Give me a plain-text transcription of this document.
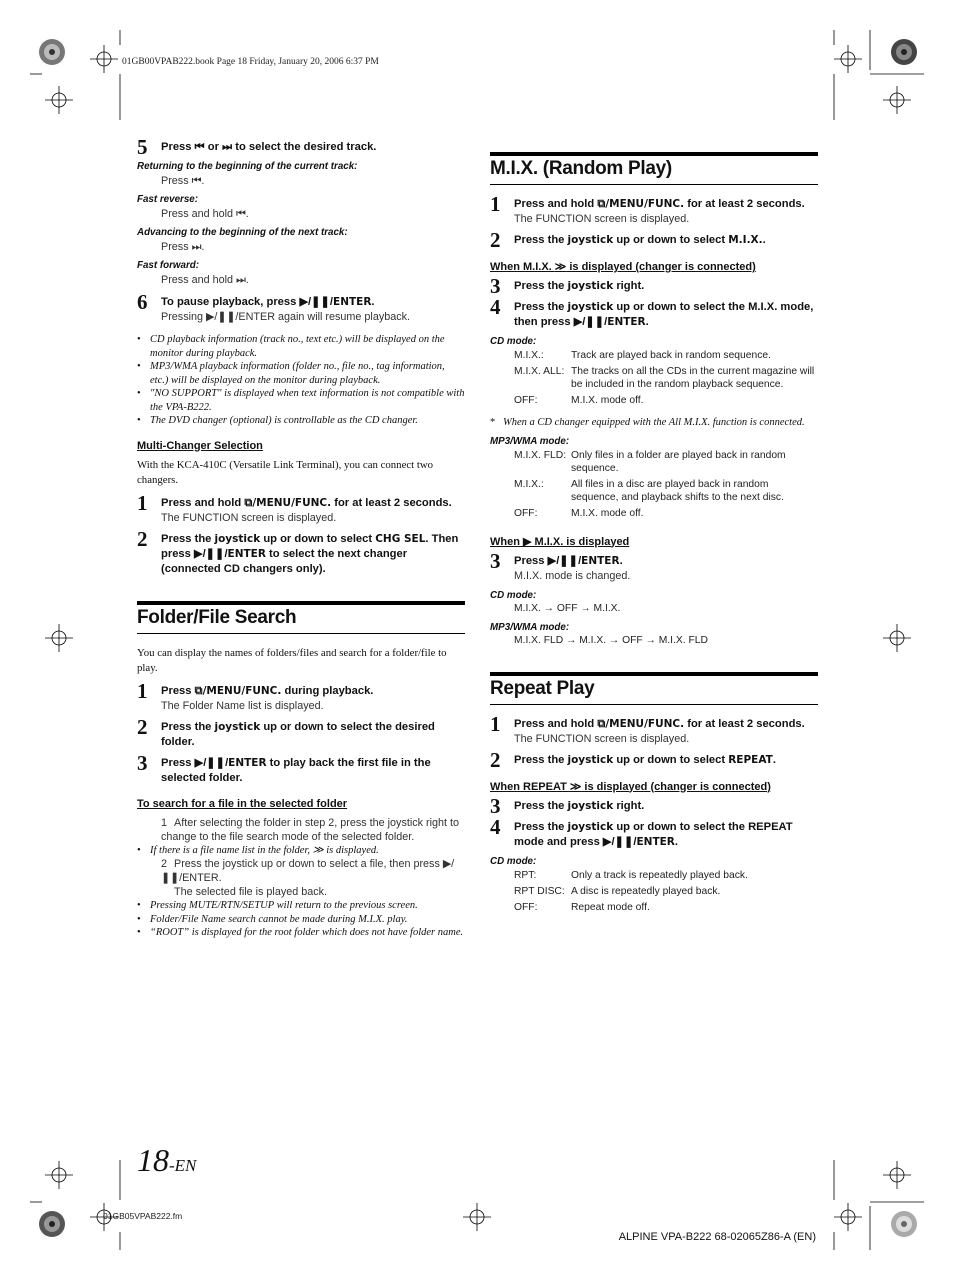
01GB00VPAB222.book Page 18 Friday, January 20, 2006 6:37 PM
5 Press ⏮ or ⏭ to select the desired track.
Returning to the beginning of the current track:
Press ⏮.
Fast reverse:
Press and hold ⏮.
Advancing to the beginning of the next track:
Press ⏭.
Fast forward:
Press and hold ⏭.
6 To pause playback, press ▶/❚❚/ENTER.
Pressing ▶/❚❚/ENTER again will resume playback.

• CD playback information (track no., text etc.) will be displayed on the monitor during playback.

• MP3/WMA playback information (folder no., file no., tag information, etc.) will be displayed on the monitor during playback.

• "NO SUPPORT" is displayed when text information is not compatible with the VPA-B222.

• The DVD changer (optional) is controllable as the CD changer.

Multi-Changer Selection
With the KCA-410C (Versatile Link Terminal), you can connect two changers.
1 Press and hold ⧉/MENU/FUNC. for at least 2 seconds.
The FUNCTION screen is displayed.
2 Press the joystick up or down to select CHG SEL. Then press ▶/❚❚/ENTER to select the next changer (connected CD changers only).
Folder/File Search
You can display the names of folders/files and search for a folder/file to play.
1 Press ⧉/MENU/FUNC. during playback.
The Folder Name list is displayed.
2 Press the joystick up or down to select the desired folder.
3 Press ▶/❚❚/ENTER to play back the first file in the selected folder.
To search for a file in the selected folder
1 After selecting the folder in step 2, press the joystick right to change to the file search mode of the selected folder.

• If there is a file name list in the folder, ≫ is displayed.

2 Press the joystick up or down to select a file, then press ▶/❚❚/ENTER.
The selected file is played back.

• Pressing MUTE/RTN/SETUP will return to the previous screen.

• Folder/File Name search cannot be made during M.I.X. play.

• “ROOT” is displayed for the root folder which does not have folder name.

M.I.X. (Random Play)
1 Press and hold ⧉/MENU/FUNC. for at least 2 seconds.
The FUNCTION screen is displayed.
2 Press the joystick up or down to select M.I.X..
When M.I.X. ≫ is displayed (changer is connected)
3 Press the joystick right.
4 Press the joystick up or down to select the M.I.X. mode, then press ▶/❚❚/ENTER.
CD mode:
M.I.X.:	Track are played back in random sequence.
M.I.X. ALL:	The tracks on all the CDs in the current magazine will be included in the random playback sequence.
OFF:	M.I.X. mode off.

* When a CD changer equipped with the All M.I.X. function is connected.

MP3/WMA mode:
M.I.X. FLD:	Only files in a folder are played back in random sequence.
M.I.X.:	All files in a disc are played back in random sequence, and playback shifts to the next disc.
OFF:	M.I.X. mode off.
When ▶ M.I.X. is displayed
3 Press ▶/❚❚/ENTER.
M.I.X. mode is changed.
CD mode:
M.I.X. → OFF → M.I.X.
MP3/WMA mode:
M.I.X. FLD → M.I.X. → OFF → M.I.X. FLD
Repeat Play
1 Press and hold ⧉/MENU/FUNC. for at least 2 seconds.
The FUNCTION screen is displayed.
2 Press the joystick up or down to select REPEAT.
When REPEAT ≫ is displayed (changer is connected)
3 Press the joystick right.
4 Press the joystick up or down to select the REPEAT mode and press ▶/❚❚/ENTER.
CD mode:
RPT:	Only a track is repeatedly played back.
RPT DISC:	A disc is repeatedly played back.
OFF:	Repeat mode off.
18-EN
01GB05VPAB222.fm
ALPINE VPA-B222 68-02065Z86-A (EN)
